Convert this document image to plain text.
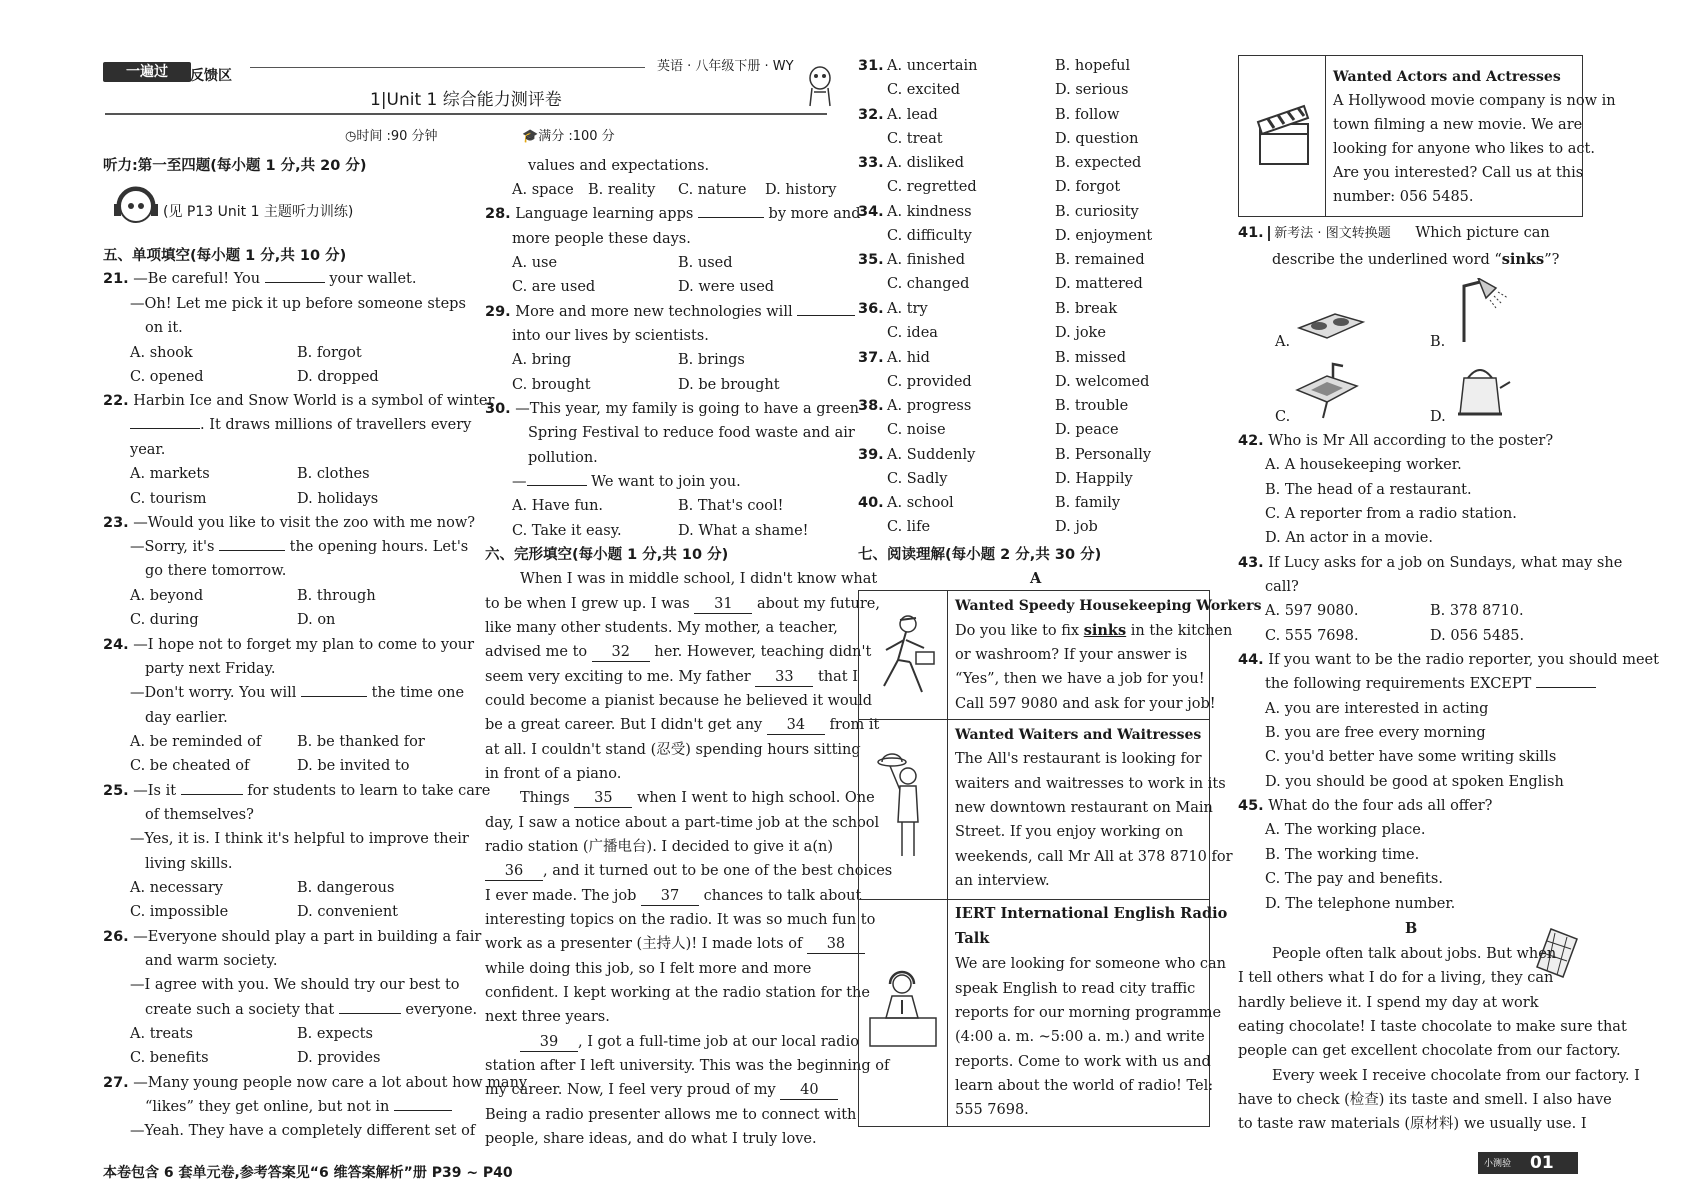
一遍过	反馈区
英语 · 八年级下册 · WY
1|Unit 1 综合能力测评卷
◷时间 :90 分钟	🎓满分 :100 分
听力:第一至四题(每小题 1 分,共 20 分)
(见 P13 Unit 1 主题听力训练)
五、单项填空(每小题 1 分,共 10 分)
21. —Be careful! You	your wallet.
—Oh! Let me pick it up before someone steps
on it.
A. shook	B. forgot
C. opened	D. dropped
22. Harbin Ice and Snow World is a symbol of winter
. It draws millions of travellers every
year.
A. markets	B. clothes
C. tourism	D. holidays
23. —Would you like to visit the zoo with me now?
—Sorry, it's	the opening hours. Let's
go there tomorrow.
A. beyond	B. through
C. during	D. on
24. —I hope not to forget my plan to come to your
party next Friday.
—Don't worry. You will	the time one
day earlier.
A. be reminded of B. be thanked for
C. be cheated of	D. be invited to
25. —Is it	for students to learn to take care
of themselves?
—Yes, it is. I think it's helpful to improve their
living skills.
A. necessary	B. dangerous
C. impossible	D. convenient
26. —Everyone should play a part in building a fair
and warm society.
—I agree with you. We should try our best to
create such a society that	everyone.
A. treats	B. expects
C. benefits	D. provides
27. —Many young people now care a lot about how many
“likes” they get online, but not in
—Yeah. They have a completely different set of
本卷包含 6 套单元卷,参考答案见“6 维答案解析”册 P39 ~ P40
values and expectations.
A. space B. reality C. nature D. history
28. Language learning apps	by more and
more people these days.
A. use	B. used
C. are used	D. were used
29. More and more new technologies will
into our lives by scientists.
A. bring	B. brings
C. brought	D. be brought
30. —This year, my family is going to have a green
Spring Festival to reduce food waste and air
pollution.
—	We want to join you.
A. Have fun.	B. That's cool!
C. Take it easy.	D. What a shame!
六、完形填空(每小题 1 分,共 10 分)
When I was in middle school, I didn't know what
to be when I grew up. I was 31 about my future,
like many other students. My mother, a teacher,
advised me to 32 her. However, teaching didn't
seem very exciting to me. My father 33 that I
could become a pianist because he believed it would
be a great career. But I didn't get any 34 from it
at all. I couldn't stand (忍受) spending hours sitting
in front of a piano.
Things 35 when I went to high school. One
day, I saw a notice about a part-time job at the school
radio station (广播电台). I decided to give it a(n)
36 , and it turned out to be one of the best choices
I ever made. The job 37 chances to talk about
interesting topics on the radio. It was so much fun to
work as a presenter (主持人)! I made lots of 38
while doing this job, so I felt more and more
confident. I kept working at the radio station for the
next three years.
39 , I got a full-time job at our local radio
station after I left university. This was the beginning of
my career. Now, I feel very proud of my 40
Being a radio presenter allows me to connect with
people, share ideas, and do what I truly love.
31. A. uncertain	B. hopeful
C. excited	D. serious
32. A. lead	B. follow
C. treat	D. question
33. A. disliked	B. expected
C. regretted	D. forgot
34. A. kindness	B. curiosity
C. difficulty	D. enjoyment
35. A. finished	B. remained
C. changed	D. mattered
36. A. try	B. break
C. idea	D. joke
37. A. hid	B. missed
C. provided	D. welcomed
38. A. progress	B. trouble
C. noise	D. peace
39. A. Suddenly	B. Personally
C. Sadly	D. Happily
40. A. school	B. family
C. life	D. job
七、阅读理解(每小题 2 分,共 30 分)
A
Wanted Speedy Housekeeping Workers
Do you like to fix sinks in the kitchen
or washroom? If your answer is
“Yes”, then we have a job for you!
Call 597 9080 and ask for your job!
Wanted Waiters and Waitresses
The All's restaurant is looking for
waiters and waitresses to work in its
new downtown restaurant on Main
Street. If you enjoy working on
weekends, call Mr All at 378 8710 for
an interview.
IERT International English Radio
Talk
We are looking for someone who can
speak English to read city traffic
reports for our morning programme
(4:00 a. m. ~5:00 a. m.) and write
reports. Come to work with us and
learn about the world of radio! Tel:
555 7698.
Wanted Actors and Actresses
A Hollywood movie company is now in
town filming a new movie. We are
looking for anyone who likes to act.
Are you interested? Call us at this
number: 056 5485.
41. 新考法 · 图文转换题 Which picture can
describe the underlined word “sinks”?
A.	B.
C.	D.
42. Who is Mr All according to the poster?
A. A housekeeping worker.
B. The head of a restaurant.
C. A reporter from a radio station.
D. An actor in a movie.
43. If Lucy asks for a job on Sundays, what may she
call?
A. 597 9080.	B. 378 8710.
C. 555 7698.	D. 056 5485.
44. If you want to be the radio reporter, you should meet
the following requirements EXCEPT
A. you are interested in acting
B. you are free every morning
C. you'd better have some writing skills
D. you should be good at spoken English
45. What do the four ads all offer?
A. The working place.
B. The working time.
C. The pay and benefits.
D. The telephone number.
B
People often talk about jobs. But when
I tell others what I do for a living, they can
hardly believe it. I spend my day at work
eating chocolate! I taste chocolate to make sure that
people can get excellent chocolate from our factory.
Every week I receive chocolate from our factory. I
have to check (检查) its taste and smell. I also have
to taste raw materials (原材料) we usually use. I
小测验 01
